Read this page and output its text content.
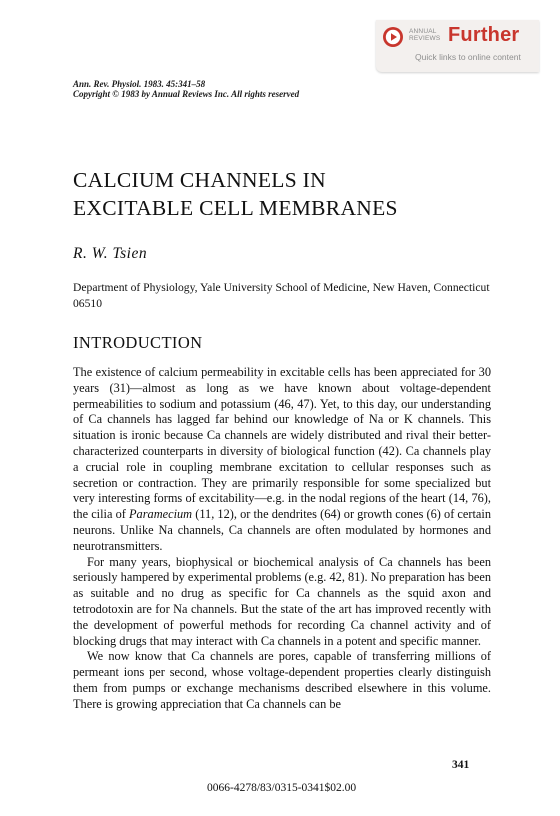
ANNUAL
REVIEWS Further
Quick links to online content
Ann. Rev. Physiol. 1983. 45:341–58
Copyright © 1983 by Annual Reviews Inc. All rights reserved
CALCIUM CHANNELS IN
EXCITABLE CELL MEMBRANES
R. W. Tsien
Department of Physiology, Yale University School of Medicine, New Haven, Connecticut 06510
INTRODUCTION

The existence of calcium permeability in excitable cells has been appreciated for 30 years (31)—almost as long as we have known about voltage-dependent permeabilities to sodium and potassium (46, 47). Yet, to this day, our understanding of Ca channels has lagged far behind our knowledge of Na or K channels. This situation is ironic because Ca channels are widely distributed and rival their better-characterized counterparts in diversity of biological function (42). Ca channels play a crucial role in coupling membrane excitation to cellular responses such as secretion or contraction. They are primarily responsible for some specialized but very interesting forms of excitability—e.g. in the nodal regions of the heart (14, 76), the cilia of Paramecium (11, 12), or the dendrites (64) or growth cones (6) of certain neurons. Unlike Na channels, Ca channels are often modulated by hormones and neurotransmitters.

For many years, biophysical or biochemical analysis of Ca channels has been seriously hampered by experimental problems (e.g. 42, 81). No preparation has been as suitable and no drug as specific for Ca channels as the squid axon and tetrodotoxin are for Na channels. But the state of the art has improved recently with the development of powerful methods for recording Ca channel activity and of blocking drugs that may interact with Ca channels in a potent and specific manner.

We now know that Ca channels are pores, capable of transferring millions of permeant ions per second, whose voltage-dependent properties clearly distinguish them from pumps or exchange mechanisms described elsewhere in this volume. There is growing appreciation that Ca channels can be

341
0066-4278/83/0315-0341$02.00
